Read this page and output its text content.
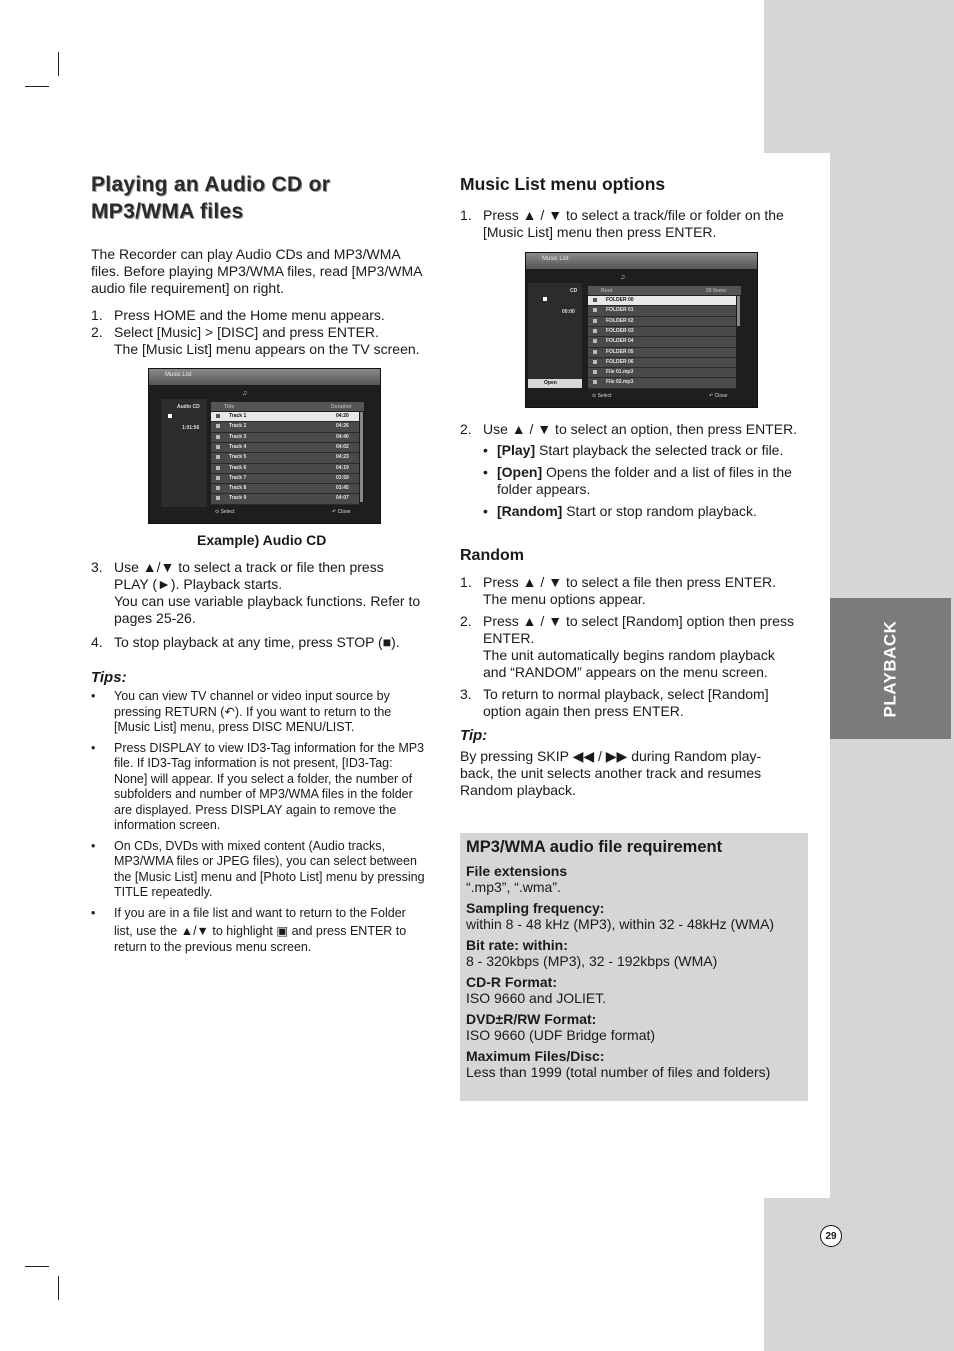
PLAYBACK
29
Playing an Audio CD or
MP3/WMA files
The Recorder can play Audio CDs and MP3/WMA
files. Before playing MP3/WMA files, read [MP3/WMA
audio file requirement] on right.
1. Press HOME and the Home menu appears.
2. Select [Music] > [DISC] and press ENTER.
The [Music List] menu appears on the TV screen.
Music List
Audio CD
1:01:56
♫
Title	Duration
Track 1	04:20
Track 2	04:26
Track 3	04:40
Track 4	04:02
Track 5	04:23
Track 6	04:19
Track 7	03:59
Track 8	03:45
Track 9	04:07
⊙ Select	↶ Close
Example) Audio CD
3. Use ▲/▼ to select a track or file then press
PLAY (►). Playback starts.
You can use variable playback functions. Refer to
pages 25-26.
4. To stop playback at any time, press STOP (■).
Tips:
• You can view TV channel or video input source by
pressing RETURN (↶). If you want to return to the
[Music List] menu, press DISC MENU/LIST.
• Press DISPLAY to view ID3-Tag information for the MP3
file. If ID3-Tag information is not present, [ID3-Tag:
None] will appear. If you select a folder, the number of
subfolders and number of MP3/WMA files in the folder
are displayed. Press DISPLAY again to remove the
information screen.
• On CDs, DVDs with mixed content (Audio tracks,
MP3/WMA files or JPEG files), you can select between
the [Music List] menu and [Photo List] menu by pressing
TITLE repeatedly.
• If you are in a file list and want to return to the Folder
list, use the ▲/▼ to highlight ▣ and press ENTER to
return to the previous menu screen.
Music List menu options
1. Press ▲ / ▼ to select a track/file or folder on the
[Music List] menu then press ENTER.
Music List
CD
00:00
Open
♫
Root	20 Items
FOLDER 00
FOLDER 01
FOLDER 02
FOLDER 03
FOLDER 04
FOLDER 05
FOLDER 06
File 01.mp3
File 02.mp3
⊙ Select	↶ Close
2. Use ▲ / ▼ to select an option, then press ENTER.
• [Play] Start playback the selected track or file.
• [Open] Opens the folder and a list of files in the
folder appears.
• [Random] Start or stop random playback.
Random
1. Press ▲ / ▼ to select a file then press ENTER.
The menu options appear.
2. Press ▲ / ▼ to select [Random] option then press
ENTER.
The unit automatically begins random playback
and “RANDOM” appears on the menu screen.
3. To return to normal playback, select [Random]
option again then press ENTER.
Tip:
By pressing SKIP ◀◀ / ▶▶ during Random play-
back, the unit selects another track and resumes
Random playback.
MP3/WMA audio file requirement
File extensions
“.mp3”, “.wma”.
Sampling frequency:
within 8 - 48 kHz (MP3), within 32 - 48kHz (WMA)
Bit rate: within:
8 - 320kbps (MP3), 32 - 192kbps (WMA)
CD-R Format:
ISO 9660 and JOLIET.
DVD±R/RW Format:
ISO 9660 (UDF Bridge format)
Maximum Files/Disc:
Less than 1999 (total number of files and folders)
